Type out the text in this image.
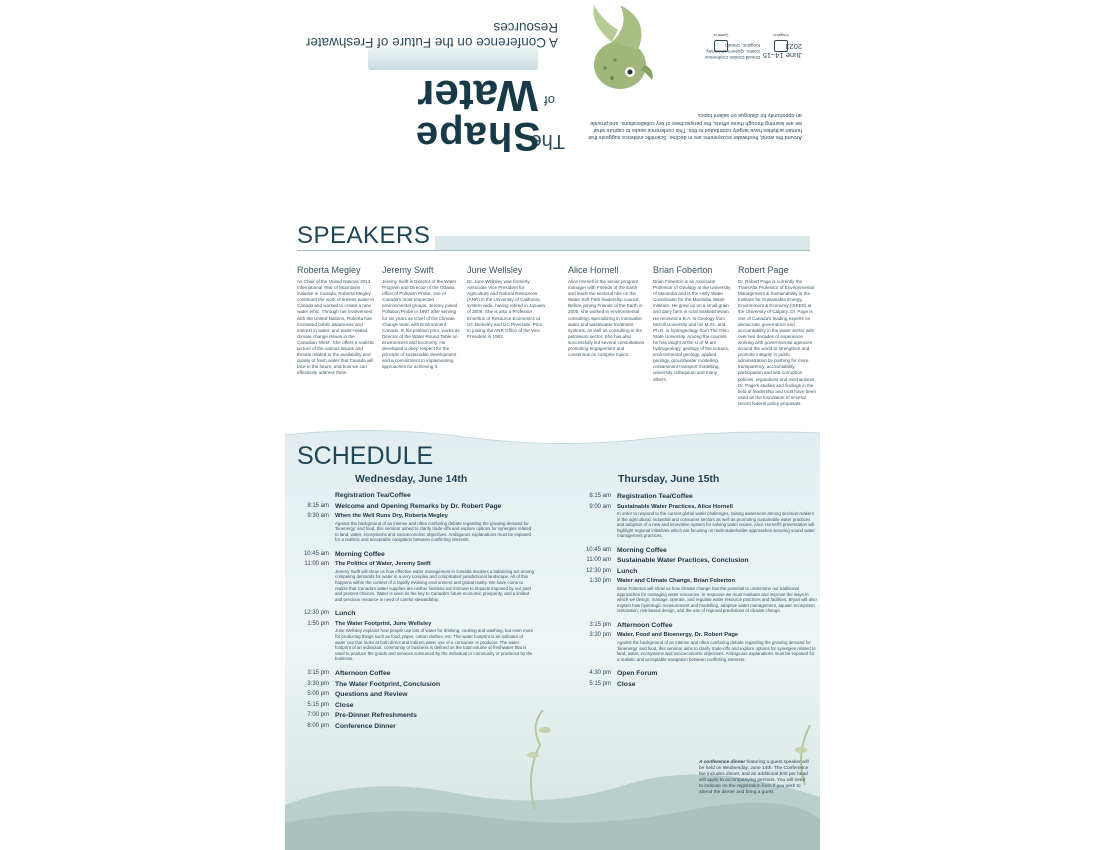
Around the world, freshwater ecosystems are in decline. Scientific evidence suggests that human activities have largely contributed to this. This conference seeks to capture what we are learning through these efforts, the perspectives of key collaborations, and provide an opportunity for dialogue on salient topics.
June 14–15 2023
Donald Gordon Conference Centre, Queen's University, Kingston, Ontario
Queen's	Kingston
The
Shape
of
Water
A Conference on the Future of Freshwater Resources
SPEAKERS
Roberta Megley
As Chair of the United Nations 2013 International Year of Mountains initiative in Canada, Roberta Megley continued the work of tireless water-in Canada and worked to create a new water ethic. Through her involvement with the United Nations, Roberta has increased public awareness and interest in water, and water-related climate change issues in the Canadian 'West'. She offers a realistic picture of the various issues and threats related to the availability and quality of fresh water that Canada will face in the future, and how we can effectively address them.
Jeremy Swift
Jeremy Swift is Director of the Water Program and Director of the Ottawa office of Pollution Probe, one of Canada's most respected environmental groups. Jeremy joined Pollution Probe in 1997 after serving for six years as Chief of the Climate Change team with Environment Canada. In his position prior, works as Director of the Water Round Table on Environment and Economy. He developed a deep respect for the principle of sustainable development and a commitment to implementing approaches for achieving it.
June Wellsley
Dr. June Wellsley was formerly Associate Vice President for Agriculture and Natural Resources (ANR) in the University of California, system-wide, having retired in January of 2006. She is also a Professor Emeritus of Resource Economics at UC Berkeley and UC Riverside. Prior to joining the ANR Office of the Vice President in 1992.
Alice Hornell
Alice Hornell is the senior program manager with Friends of the Earth and leads the sectoral role on the Water Soft Path leadership council. Before joining Friends of the Earth in 2005, she worked in environmental consulting, specializing in innovative water and wastewater treatment systems, as well as consulting in the petroleum sector. She has also successfully led several consultations promoting engagement and consensus on complex topics.
Brian Foberton
Brian Foberton is an Associate Professor of Geology at the University of Manitoba and is the Holly Water Coordinator for the Manitoba Water Institute. He grew up on a small grain and dairy farm in rural Saskatchewan. He received a B.A. in Geology from McGill University and his M.Sc. and Ph.D. in hydrogeology from The Ohio State University. Among the courses he has taught at the U of M are hydrogeology, geology of the oceans, environmental geology, applied geology, groundwater modelling, contaminant transport modelling, university colloquium and many others.
Robert Page
Dr. Robert Page is currently the TransAlta Professor of Environmental Management & Sustainability in the Institute for Sustainable Energy, Environment & Economy (ISEEE) at the University of Calgary. Dr. Page is one of Canada's leading experts on democratic governance and accountability in the water sector with over two decades of experience working with governmental agencies around the world to strengthen and promote integrity in public administration by pushing for more transparency, accountability, participation and anti-corruption policies, regulations and mechanisms. Dr. Page's studies and findings in the field of leadership and trust have been used as the foundation of several recent federal policy proposals.
SCHEDULE
Wednesday, June 14th	Thursday, June 15th
Registration Tea/Coffee
8:15 am Welcome and Opening Remarks by Dr. Robert Page
9:30 am	When the Well Runs Dry, Roberta Megley
Against the background of an intense and often confusing debate regarding the growing demand for 'bioenergy' and food, this seminar aimed to clarify trade-offs and explore options for synergies related to land, water, ecosystems and socioeconomic objectives. Ambiguous explanations must be exposed for a realistic and acceptable navigation between conflicting interests.
10:45 am Morning Coffee
11:00 am	The Politics of Water, Jeremy Swift
Jeremy Swift will show us how effective water management in Canada involves a balancing act among competing demands for water in a very complex and complicated jurisdictional landscape. All of this happens within the context of a rapidly evolving environment and global reality. We have come to realize that Canada's water supplies are neither limitless nor immune to impacts imposed by our past and present choices. Water is seen as the key to Canada's future economic prosperity, and a limited and precious resource in need of careful stewardship.
12:30 pm Lunch
1:50 pm	The Water Footprint, June Wellsley
June Wellsley explains how people use lots of water for drinking, cooking and washing, but even more for producing things such as food, paper, cotton clothes, etc. The water footprint is an indicator of water use that looks at both direct and indirect water use of a consumer or producer. The water footprint of an individual, community or business is defined as the total volume of freshwater that is used to produce the goods and services consumed by the individual or community or produced by the business.
3:15 pm Afternoon Coffee
3:30 pm The Water Footprint, Conclusion
5:00 pm Questions and Review
5:15 pm Close
7:00 pm Pre-Dinner Refreshments
8:00 pm Conference Dinner
8:15 am Registration Tea/Coffee
9:00 am	Sustainable Water Practices, Alice Hornell
In order to respond to the current global water challenges, raising awareness among decision-makers in the agricultural, industrial and consumer sectors as well as promoting sustainable water practices and adoption of a new and innovative system for solving water issues. Alice Hornell's presentation will highlight regional initiatives which are focusing on multi-stakeholder approaches securing sound water management practices.
10:45 am Morning Coffee
11:00 am Sustainable Water Practices, Conclusion
12:30 pm Lunch
1:30 pm	Water and Climate Change, Brian Foberton
Brian Foberton will show us how climate change has the potential to undermine our traditional approaches for managing water resources. In response we must evaluate and improve the ways in which we design, manage, operate, and regulate water resource practices and facilities. Bryan will also explain how hydrologic measurement and modelling, adaptive water management, aquatic ecosystem restoration, risk-based design, and the use of regional predictions of climate change.
3:15 pm Afternoon Coffee
3:30 pm	Water, Food and Bioenergy, Dr. Robert Page
Against the background of an intense and often confusing debate regarding the growing demand for 'bioenergy' and food, this seminar aims to clarify trade-offs and explore options for synergies related to land, water, ecosystems and socioeconomic objectives. Ambiguous explanations must be exposed for a realistic and acceptable navigation between conflicting interests.
4:30 pm Open Forum
5:15 pm Close
A conference dinner featuring a guest speaker will be held on Wednesday, June 14th. The Conference fee includes dinner, and an additional $40 per head will apply to accompanying persons. You will need to indicate on the registration form if you wish to attend the dinner and bring a guest.
